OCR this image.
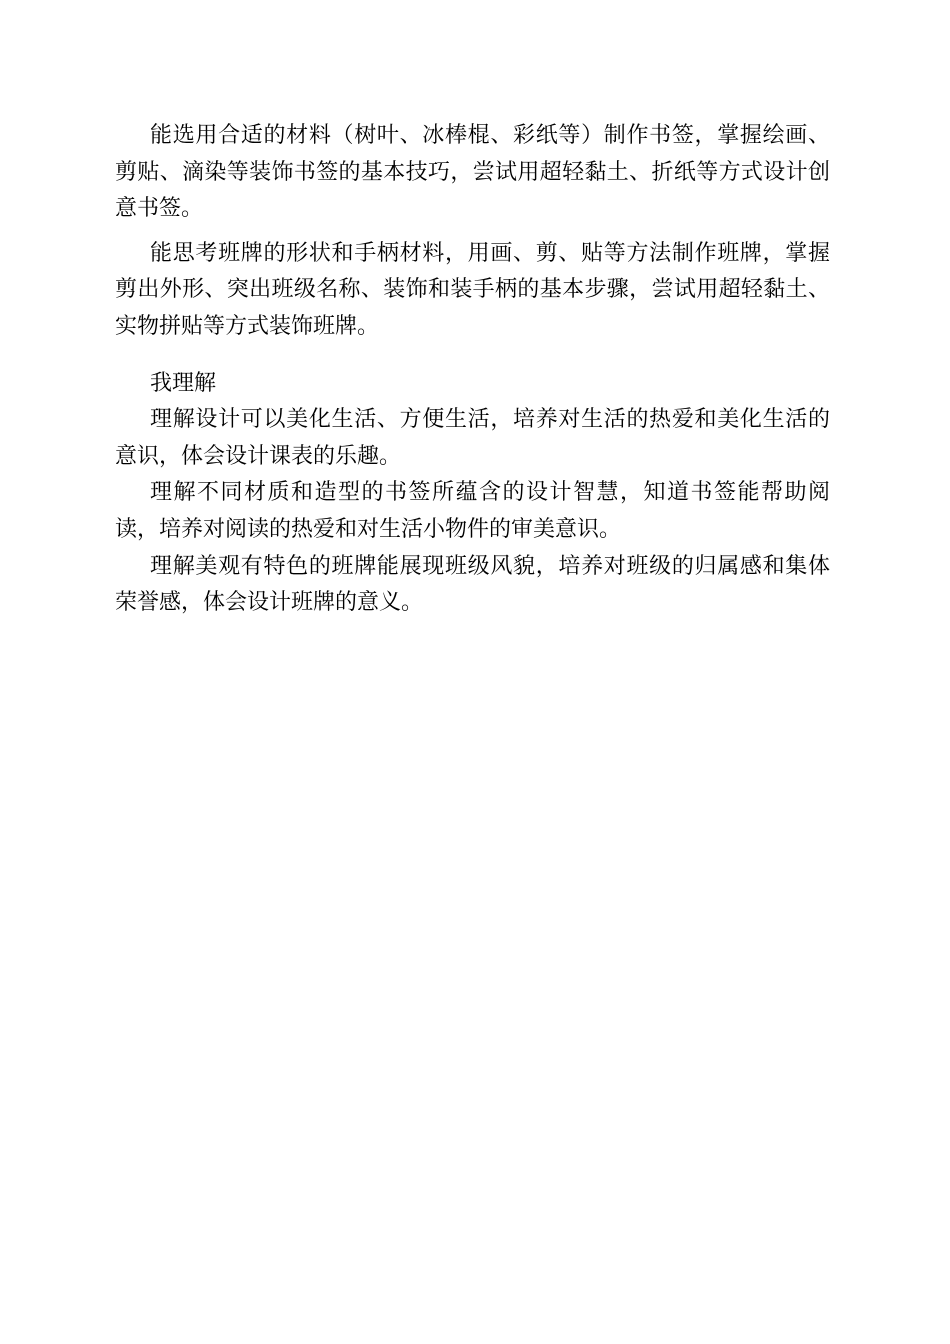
能选用合适的材料（树叶、冰棒棍、彩纸等）制作书签，掌握绘画、剪贴、滴染等装饰书签的基本技巧，尝试用超轻黏土、折纸等方式设计创意书签。

能思考班牌的形状和手柄材料，用画、剪、贴等方法制作班牌，掌握剪出外形、突出班级名称、装饰和装手柄的基本步骤，尝试用超轻黏土、实物拼贴等方式装饰班牌。

我理解

理解设计可以美化生活、方便生活，培养对生活的热爱和美化生活的意识，体会设计课表的乐趣。

理解不同材质和造型的书签所蕴含的设计智慧，知道书签能帮助阅读，培养对阅读的热爱和对生活小物件的审美意识。

理解美观有特色的班牌能展现班级风貌，培养对班级的归属感和集体荣誉感，体会设计班牌的意义。
